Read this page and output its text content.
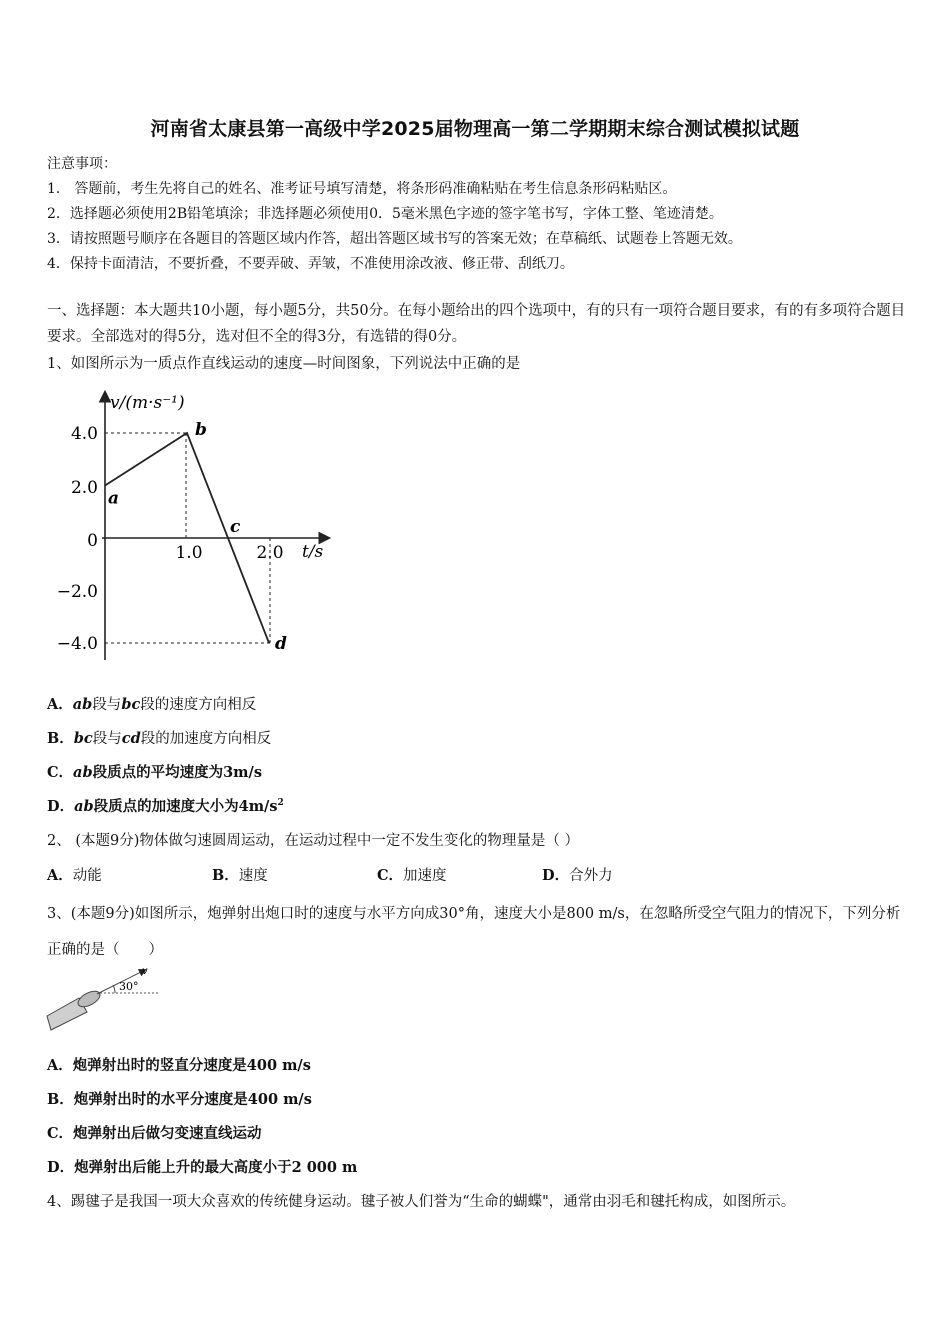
河南省太康县第一高级中学2025届物理高一第二学期期末综合测试模拟试题
注意事项：
1． 答题前，考生先将自己的姓名、准考证号填写清楚，将条形码准确粘贴在考生信息条形码粘贴区。
2．选择题必须使用2B铅笔填涂；非选择题必须使用0．5毫米黑色字迹的签字笔书写，字体工整、笔迹清楚。
3．请按照题号顺序在各题目的答题区域内作答，超出答题区域书写的答案无效；在草稿纸、试题卷上答题无效。
4．保持卡面清洁，不要折叠，不要弄破、弄皱，不准使用涂改液、修正带、刮纸刀。
一、选择题：本大题共10小题，每小题5分，共50分。在每小题给出的四个选项中，有的只有一项符合题目要求，有的有多项符合题目要求。全部选对的得5分，选对但不全的得3分，有选错的得0分。
1、如图所示为一质点作直线运动的速度—时间图象，下列说法中正确的是
v/(m·s⁻¹)
t/s
4.0
2.0
0
−2.0
−4.0
1.0	2.0
a
b
c
d
A．ab段与bc段的速度方向相反
B．bc段与cd段的加速度方向相反
C．ab段质点的平均速度为3m/s
D．ab段质点的加速度大小为$4m/s^2$
2、 (本题9分)物体做匀速圆周运动，在运动过程中一定不发生变化的物理量是（ ）
A．动能	B．速度	C．加速度	D．合外力
3、(本题9分)如图所示，炮弹射出炮口时的速度与水平方向成30°角，速度大小是800 m/s，在忽略所受空气阻力的情况下，下列分析正确的是（　　）
30°
v
A．炮弹射出时的竖直分速度是400 m/s
B．炮弹射出时的水平分速度是400 m/s
C．炮弹射出后做匀变速直线运动
D．炮弹射出后能上升的最大高度小于2 000 m
4、踢毽子是我国一项大众喜欢的传统健身运动。毽子被人们誉为“生命的蝴蝶"，通常由羽毛和毽托构成，如图所示。
